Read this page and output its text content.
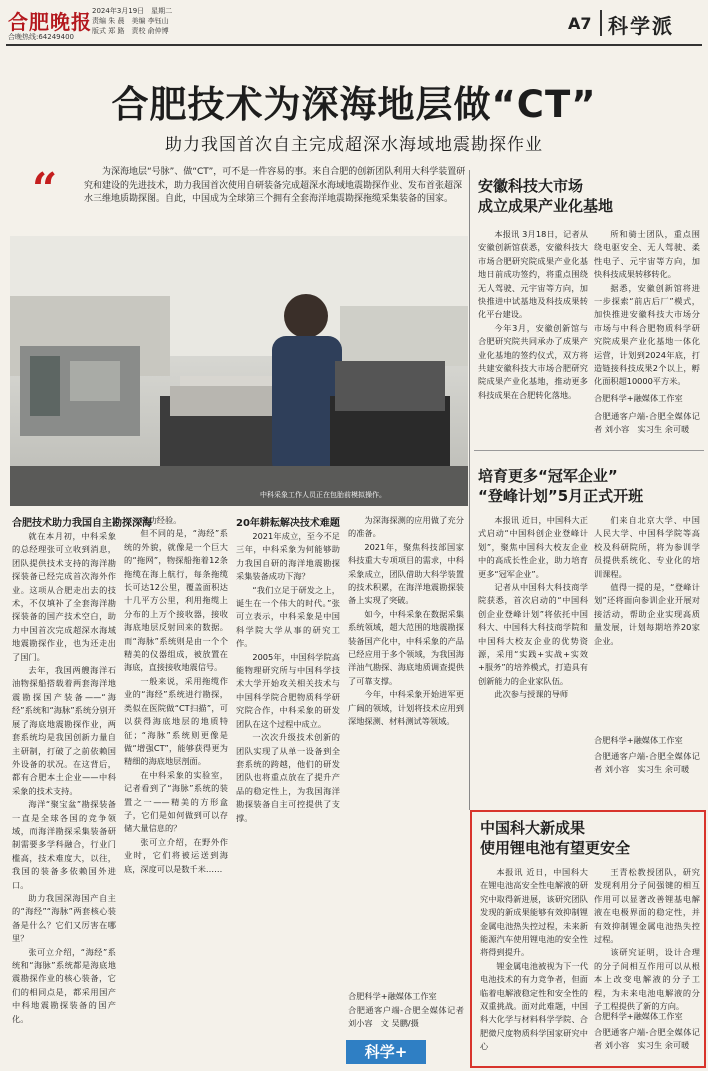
合肥晚报 2024年3月19日　星期二
责编 朱 晨　美编 李钰山
版式 郑 路　责校 俞仲博
合晚热线:64249400
A7 科学派
合肥技术为深海地层做“CT”
助力我国首次自主完成超深水海域地震勘探作业
“	为深海地层“号脉”、做“CT”，可不是一件容易的事。来自合肥的创新团队利用大科学装置研究和建设的先进技术，助力我国首次使用自研装备完成超深水海域地震勘探作业、发布首张超深水三维地质勘探图。自此，中国成为全球第三个拥有全套海洋地震勘探拖缆采集装备的国家。
中科采象工作人员正在包胎前模拟操作。
合肥技术助力我国自主勘探深海

就在本月初，中科采象的总经理张可立收到消息，团队提供技术支持的海洋勘探装备已经完成首次海外作业。这项从合肥走出去的技术，不仅填补了全套海洋勘探装备的国产技术空白，助力中国首次完成超深水海域地震勘探作业，也为还走出了国门。

去年，我国两艘海洋石油物探船搭载着两套海洋地震勘探国产装备——“海经”系统和“海脉”系统分别开展了海底地震勘探作业，两套系统均是我国创新力量自主研制，打破了之前依赖国外设备的状况。在这背后，都有合肥本土企业——中科采象的技术支持。

海洋“聚宝盆”勘探装备一直是全球各国的竞争领域，而海洋勘探采集装备研制需要多学科融合，行业门槛高，技术难度大，以往，我国的装备多依赖国外进口。

助力我国深海国产自主的“海经”“海脉”两套核心装备是什么？它们又厉害在哪里？

张可立介绍，“海经”系统和“海脉”系统都是海底地震勘探作业的核心装备，它们的相同点是，都采用国产中科地震勘探装备的国产化。

成功经验。

但不同的是，“海经”系统的外貌，就像是一个巨大的“拖网”，物探船拖着12条拖缆在海上航行，每条拖缆长可达12公里，覆盖面积达十几平方公里，利用拖缆上分布的上万个接收器，接收海底地层反射回来的数据。而“海脉”系统则是由一个个精美的仪器组成，被放置在海底，直接接收地震信号。

一般来说，采用拖缆作业的“海经”系统进行勘探，类似在医院做“CT扫描”，可以获得海底地层的地质特征；“海脉”系统则更像是做“增强CT”，能够获得更为精细的海底地层剖面。

在中科采象的实验室，记者看到了“海脉”系统的装置之一——精美的方形盒子，它们是如何做到可以存储大量信息的？

张可立介绍，在野外作业时，它们将被运送到海底，深度可以是数千米……

20年耕耘解决技术难题

2021年成立，至今不足三年，中科采象为何能够助力我国自研的海洋地震勘探采集装备成功下海？

“我们立足于研发之上，诞生在一个伟大的时代。”张可立表示，中科采象是中国科学院大学从事的研究工作。

2005年，中国科学院高能物理研究所与中国科学技术大学开始攻关相关技术与中国科学院合肥物质科学研究院合作，中科采象的研发团队在这个过程中成立。

一次次升级技术创新的团队实现了从单一设备到全套系统的跨越，他们的研发团队也将重点放在了提升产品的稳定性上，为我国海洋勘探装备自主可控提供了支撑。

为深海探测的应用做了充分的准备。

2021年，聚焦科技部国家科技重大专项项目的需求，中科采象成立，团队借助大科学装置的技术积累，在海洋地震勘探装备上实现了突破。

如今，中科采象在数据采集系统领域，超大范围的地震勘探装备国产化中，中科采象的产品已经应用于多个领域，为我国海洋油气勘探、海底地质调查提供了可靠支撑。

今年，中科采象开始进军更广阔的领域，计划将技术应用到深地探测、材料测试等领域。

合肥科学+融媒体工作室
合肥通客户端-合肥全媒体记者 刘小容　文 吴鹏/摄
科学+
安徽科技大市场
成立成果产业化基地

本报讯 3月18日，记者从安徽创新馆获悉，安徽科技大市场合肥研究院成果产业化基地日前成功签约，将重点围绕无人驾驶、元宇宙等方向，加快推进中试基地及科技成果转化平台建设。

今年3月，安徽创新馆与合肥研究院共同承办了成果产业化基地的签约仪式，双方将共建安徽科技大市场合肥研究院成果产业化基地，推动更多科技成果在合肥转化落地。

所和骑士团队，重点围绕电驱安全、无人驾驶、柔性电子、元宇宙等方向，加快科技成果转移转化。

据悉，安徽创新馆将进一步探索“前店后厂”模式，加快推进安徽科技大市场分市场与中科合肥物质科学研究院成果产业化基地一体化运营，计划到2024年底，打造链接科技成果2个以上，孵化面积超10000平方米。

合肥科学+融媒体工作室
合肥通客户端-合肥全媒体记者 刘小容　实习生 余可暖
培育更多“冠军企业”
“登峰计划”5月正式开班

本报讯 近日，中国科大正式启动“中国科创企业登峰计划”，聚焦中国科大校友企业中的高成长性企业，助力培育更多“冠军企业”。

记者从中国科大科技商学院获悉，首次启动的“中国科创企业登峰计划”将依托中国科大、中国科大科技商学院和中国科大校友企业的优势资源，采用“实践+实战+实效+服务”的培养模式，打造具有创新能力的企业家队伍。

此次参与授课的导师

们来自北京大学、中国人民大学、中国科学院等高校及科研院所，将为参训学员提供系统化、专业化的培训课程。

值得一提的是，“登峰计划”还将面向参训企业开展对接活动，帮助企业实现高质量发展，计划每期培养20家企业。

合肥科学+融媒体工作室
合肥通客户端-合肥全媒体记者 刘小容　实习生 余可暖
中国科大新成果
使用锂电池有望更安全

本报讯 近日，中国科大在锂电池高安全性电解液的研究中取得新进展，该研究团队发现的新成果能够有效抑制锂金属电池热失控过程，未来新能源汽车使用锂电池的安全性将得到提升。

锂金属电池被视为下一代电池技术的有力竞争者，但面临着电解液稳定性和安全性的双重挑战。面对此难题，中国科大化学与材料科学学院、合肥微尺度物质科学国家研究中心

王青松教授团队，研究发现利用分子间强键的相互作用可以显著改善锂基电解液在电极界面的稳定性，并有效抑制锂金属电池热失控过程。

该研究证明，设计合理的分子间相互作用可以从根本上改变电解液的分子工程，为未来电池电解液的分子工程提供了新的方向。

合肥科学+融媒体工作室
合肥通客户端-合肥全媒体记者 刘小容　实习生 余可暖
